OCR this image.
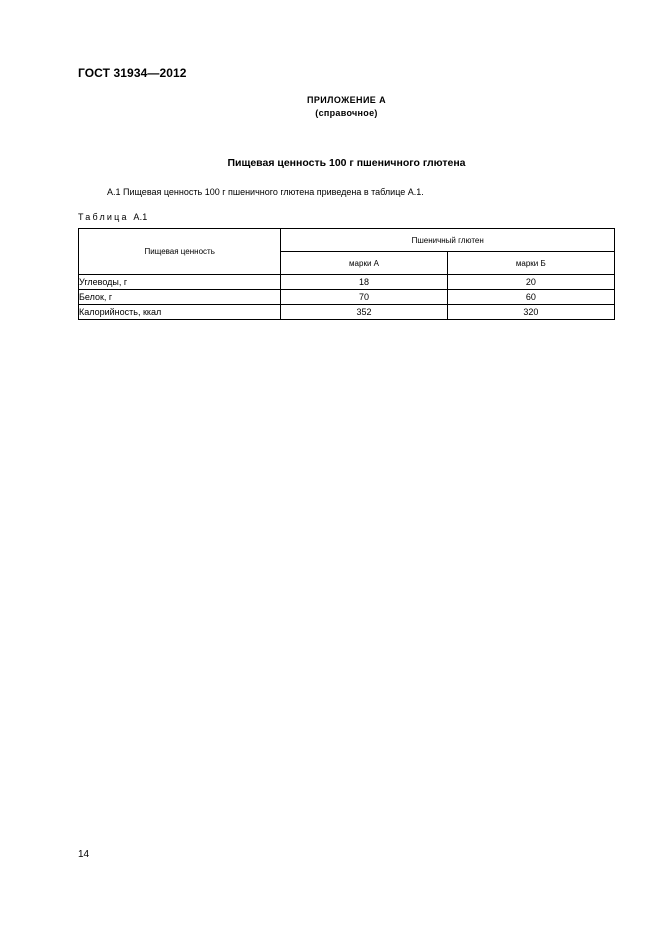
ГОСТ 31934—2012
ПРИЛОЖЕНИЕ А
(справочное)
Пищевая ценность 100 г пшеничного глютена
А.1 Пищевая ценность 100 г пшеничного глютена приведена в таблице А.1.
Таблица А.1
Пищевая ценность	Пшеничный глютен	
	марки А	марки Б
Углеводы, г	18	20
Белок, г	70	60
Калорийность, ккал	352	320
14
